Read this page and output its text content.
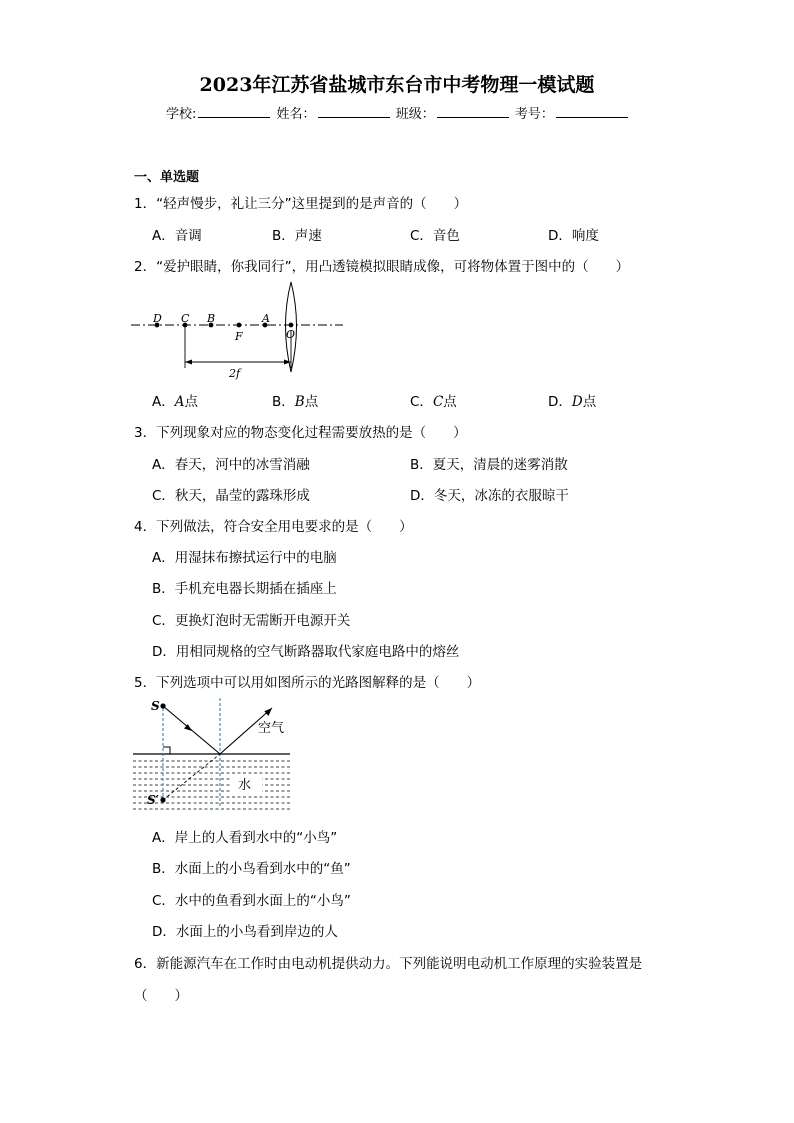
2023年江苏省盐城市东台市中考物理一模试题
学校:	姓名：	班级：	考号：
一、单选题
1．“轻声慢步，礼让三分”这里提到的是声音的（　　）
A．音调	B．声速	C．音色	D．响度
2．“爱护眼睛，你我同行”，用凸透镜模拟眼睛成像，可将物体置于图中的（　　）
D C B
F
A
O
2f
A．A点	B．B点	C．C点	D．D点
3．下列现象对应的物态变化过程需要放热的是（　　）
A．春天，河中的冰雪消融	B．夏天，清晨的迷雾消散
C．秋天，晶莹的露珠形成	D．冬天，冰冻的衣服晾干
4．下列做法，符合安全用电要求的是（　　）
A．用湿抹布擦拭运行中的电脑
B．手机充电器长期插在插座上
C．更换灯泡时无需断开电源开关
D．用相同规格的空气断路器取代家庭电路中的熔丝
5．下列选项中可以用如图所示的光路图解释的是（　　）
S
S′
空气
水
A．岸上的人看到水中的“小鸟”
B．水面上的小鸟看到水中的“鱼”
C．水中的鱼看到水面上的“小鸟”
D．水面上的小鸟看到岸边的人
6．新能源汽车在工作时由电动机提供动力。下列能说明电动机工作原理的实验装置是
（　　）
